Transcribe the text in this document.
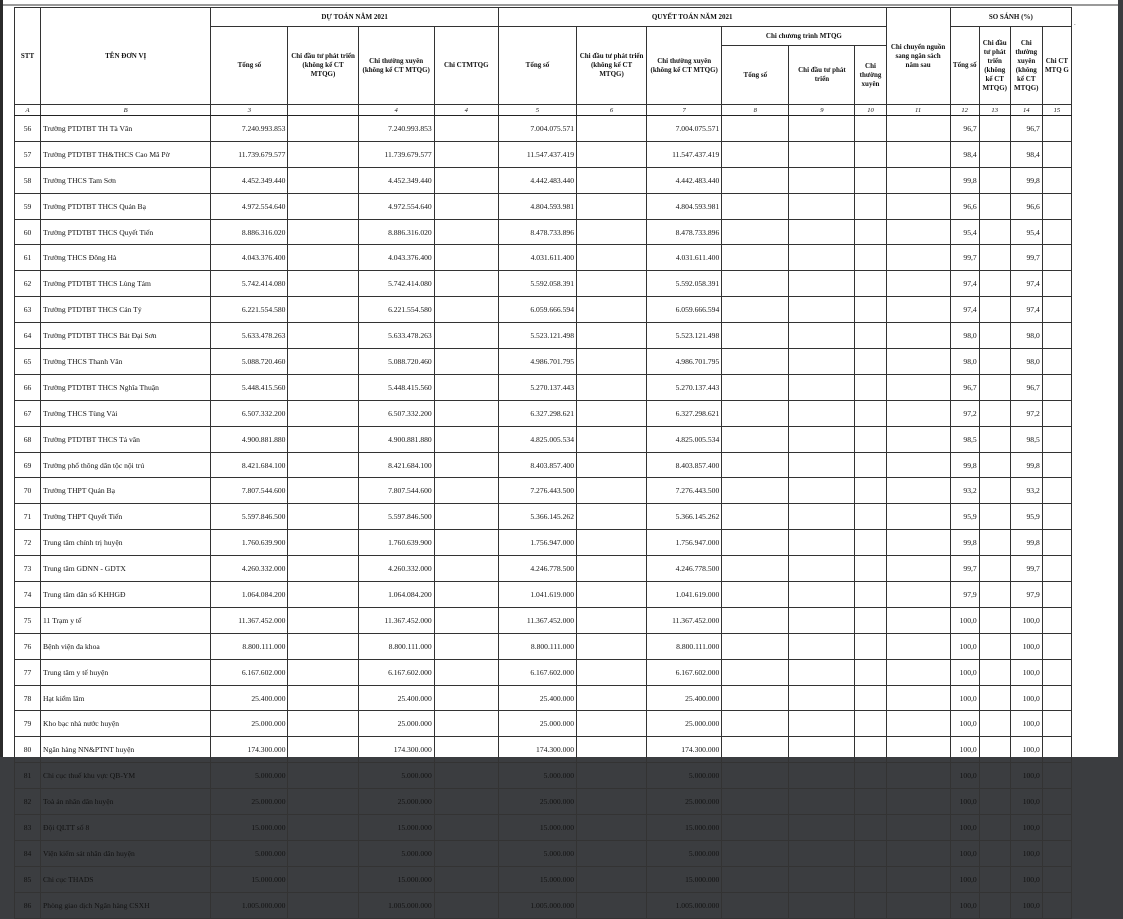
.
STT	TÊN ĐƠN VỊ	DỰ TOÁN NĂM 2021				QUYẾT TOÁN NĂM 2021						Chi chuyển nguồn sang ngân sách năm sau	SO SÁNH (%)			
		Tổng số	Chi đầu tư phát triển (không kể CT MTQG)	Chi thường xuyên (không kể CT MTQG)	Chi CTMTQG	Tổng số	Chi đầu tư phát triển (không kể CT MTQG)	Chi thường xuyên (không kể CT MTQG)	Chi chương trình MTQG				Tổng số	Chi đầu tư phát triển (không kể CT MTQG)	Chi thường xuyên (không kể CT MTQG)	Chi CT MTQ G
									Tổng số	Chi đầu tư phát triển	Chi thường xuyên					
A	B	3		4	4	5	6	7	8	9	10	11	12	13	14	15
56	Trường PTDTBT TH Tà Văn	7.240.993.853		7.240.993.853		7.004.075.571		7.004.075.571					96,7		96,7	
57	Trường PTDTBT TH&THCS Cao Mã Pờ	11.739.679.577		11.739.679.577		11.547.437.419		11.547.437.419					98,4		98,4	
58	Trường THCS Tam Sơn	4.452.349.440		4.452.349.440		4.442.483.440		4.442.483.440					99,8		99,8	
59	Trường PTDTBT THCS Quản Bạ	4.972.554.640		4.972.554.640		4.804.593.981		4.804.593.981					96,6		96,6	
60	Trường PTDTBT THCS Quyết Tiến	8.886.316.020		8.886.316.020		8.478.733.896		8.478.733.896					95,4		95,4	
61	Trường THCS Đông Hà	4.043.376.400		4.043.376.400		4.031.611.400		4.031.611.400					99,7		99,7	
62	Trường PTDTBT THCS Lùng Tám	5.742.414.080		5.742.414.080		5.592.058.391		5.592.058.391					97,4		97,4	
63	Trường PTDTBT THCS Cán Tỷ	6.221.554.580		6.221.554.580		6.059.666.594		6.059.666.594					97,4		97,4	
64	Trường PTDTBT THCS Bát Đại Sơn	5.633.478.263		5.633.478.263		5.523.121.498		5.523.121.498					98,0		98,0	
65	Trường THCS Thanh Vân	5.088.720.460		5.088.720.460		4.986.701.795		4.986.701.795					98,0		98,0	
66	Trường PTDTBT THCS Nghĩa Thuận	5.448.415.560		5.448.415.560		5.270.137.443		5.270.137.443					96,7		96,7	
67	Trường THCS Tùng Vài	6.507.332.200		6.507.332.200		6.327.298.621		6.327.298.621					97,2		97,2	
68	Trường PTDTBT THCS Tả văn	4.900.881.880		4.900.881.880		4.825.005.534		4.825.005.534					98,5		98,5	
69	Trường phổ thông dân tộc nội trú	8.421.684.100		8.421.684.100		8.403.857.400		8.403.857.400					99,8		99,8	
70	Trường THPT Quản Bạ	7.807.544.600		7.807.544.600		7.276.443.500		7.276.443.500					93,2		93,2	
71	Trường THPT Quyết Tiến	5.597.846.500		5.597.846.500		5.366.145.262		5.366.145.262					95,9		95,9	
72	Trung tâm chính trị huyện	1.760.639.900		1.760.639.900		1.756.947.000		1.756.947.000					99,8		99,8	
73	Trung tâm GDNN - GDTX	4.260.332.000		4.260.332.000		4.246.778.500		4.246.778.500					99,7		99,7	
74	Trung tâm dân số KHHGĐ	1.064.084.200		1.064.084.200		1.041.619.000		1.041.619.000					97,9		97,9	
75	11 Trạm y tế	11.367.452.000		11.367.452.000		11.367.452.000		11.367.452.000					100,0		100,0	
76	Bệnh viện đa khoa	8.800.111.000		8.800.111.000		8.800.111.000		8.800.111.000					100,0		100,0	
77	Trung tâm y tế huyện	6.167.602.000		6.167.602.000		6.167.602.000		6.167.602.000					100,0		100,0	
78	Hạt kiểm lâm	25.400.000		25.400.000		25.400.000		25.400.000					100,0		100,0	
79	Kho bạc nhà nước huyện	25.000.000		25.000.000		25.000.000		25.000.000					100,0		100,0	
80	Ngân hàng NN&PTNT huyện	174.300.000		174.300.000		174.300.000		174.300.000					100,0		100,0	
81	Chi cục thuế khu vực QB-YM	5.000.000		5.000.000		5.000.000		5.000.000					100,0		100,0	
82	Toà án nhân dân huyện	25.000.000		25.000.000		25.000.000		25.000.000					100,0		100,0	
83	Đội QLTT số 8	15.000.000		15.000.000		15.000.000		15.000.000					100,0		100,0	
84	Viện kiểm sát nhân dân huyện	5.000.000		5.000.000		5.000.000		5.000.000					100,0		100,0	
85	Chi cục THADS	15.000.000		15.000.000		15.000.000		15.000.000					100,0		100,0	
86	Phòng giao dịch Ngân hàng CSXH	1.005.000.000		1.005.000.000		1.005.000.000		1.005.000.000					100,0		100,0	
